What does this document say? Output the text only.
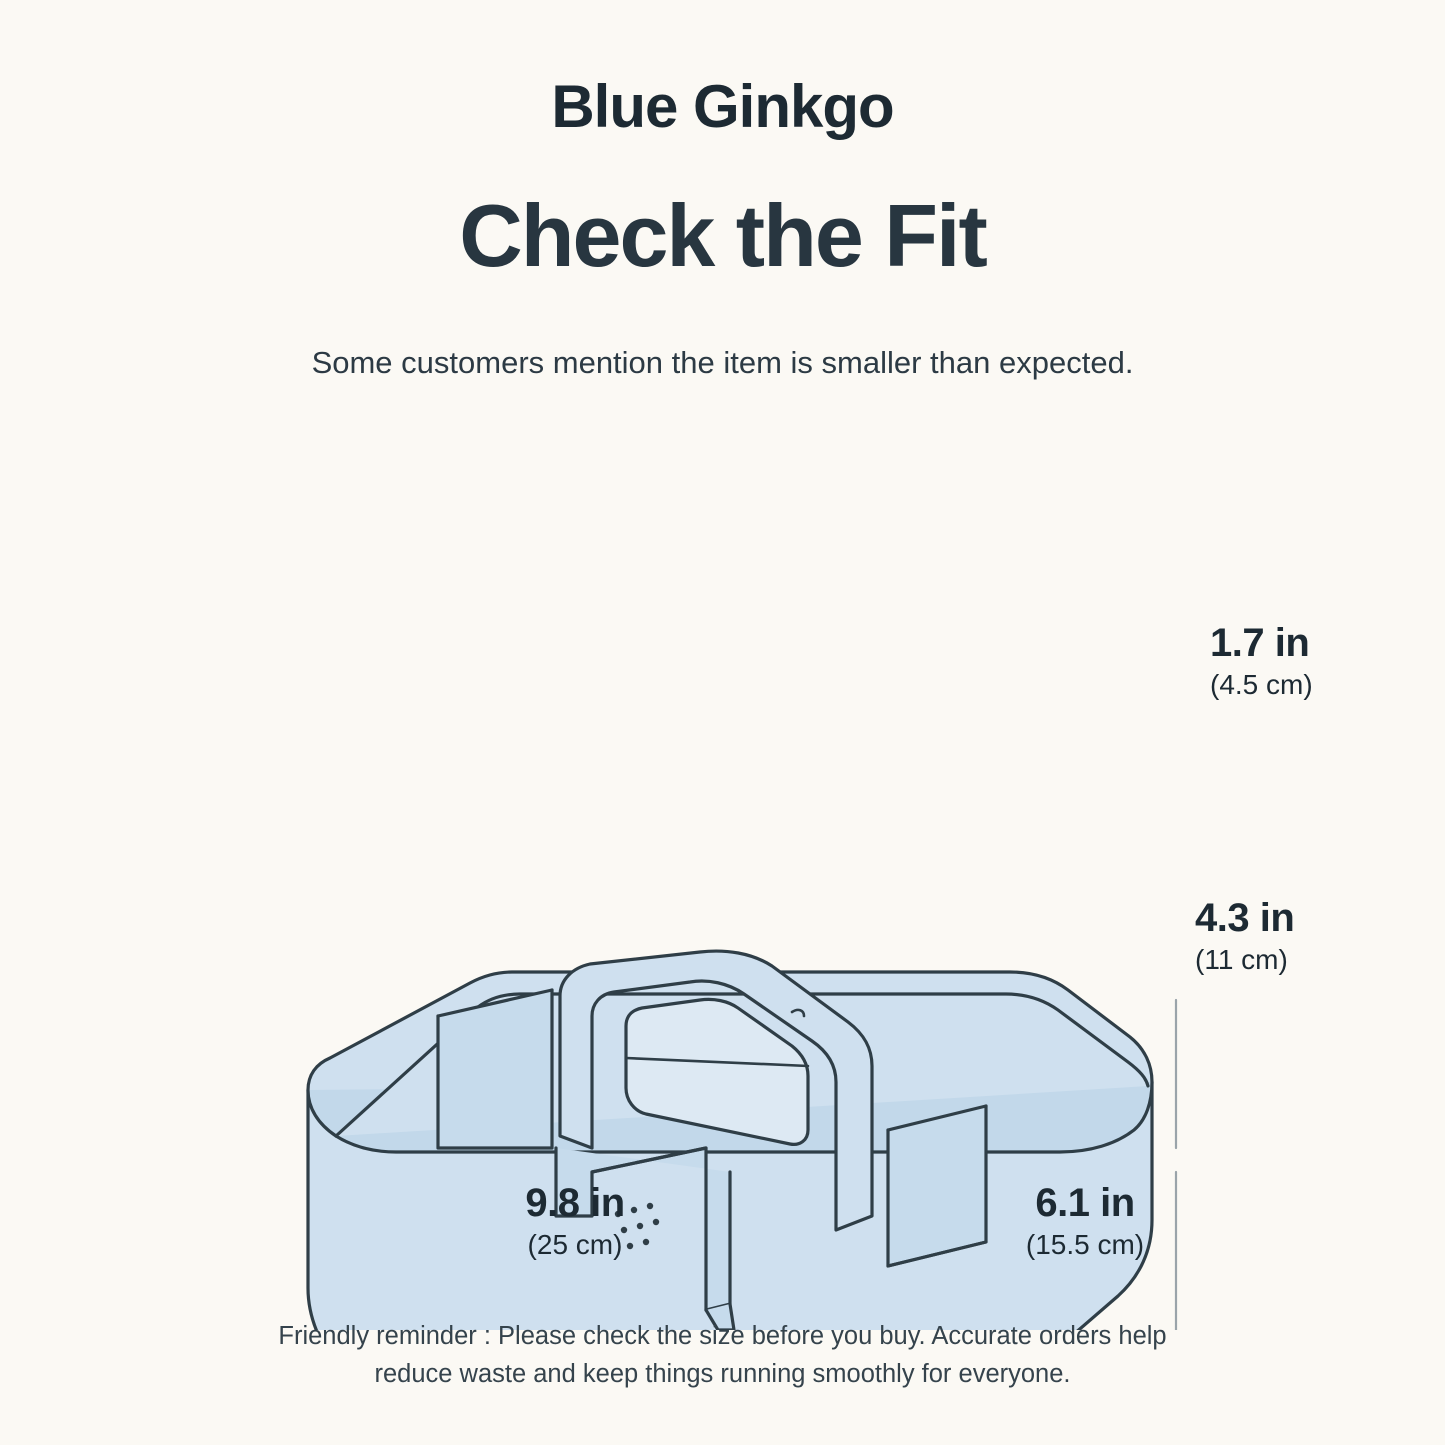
Blue Ginkgo
Check the Fit
Some customers mention the item is smaller than expected.
1.7 in
(4.5 cm)
4.3 in
(11 cm)
9.8 in
(25 cm)
6.1 in
(15.5 cm)
Friendly reminder : Please check the size before you buy. Accurate orders help
reduce waste and keep things running smoothly for everyone.
